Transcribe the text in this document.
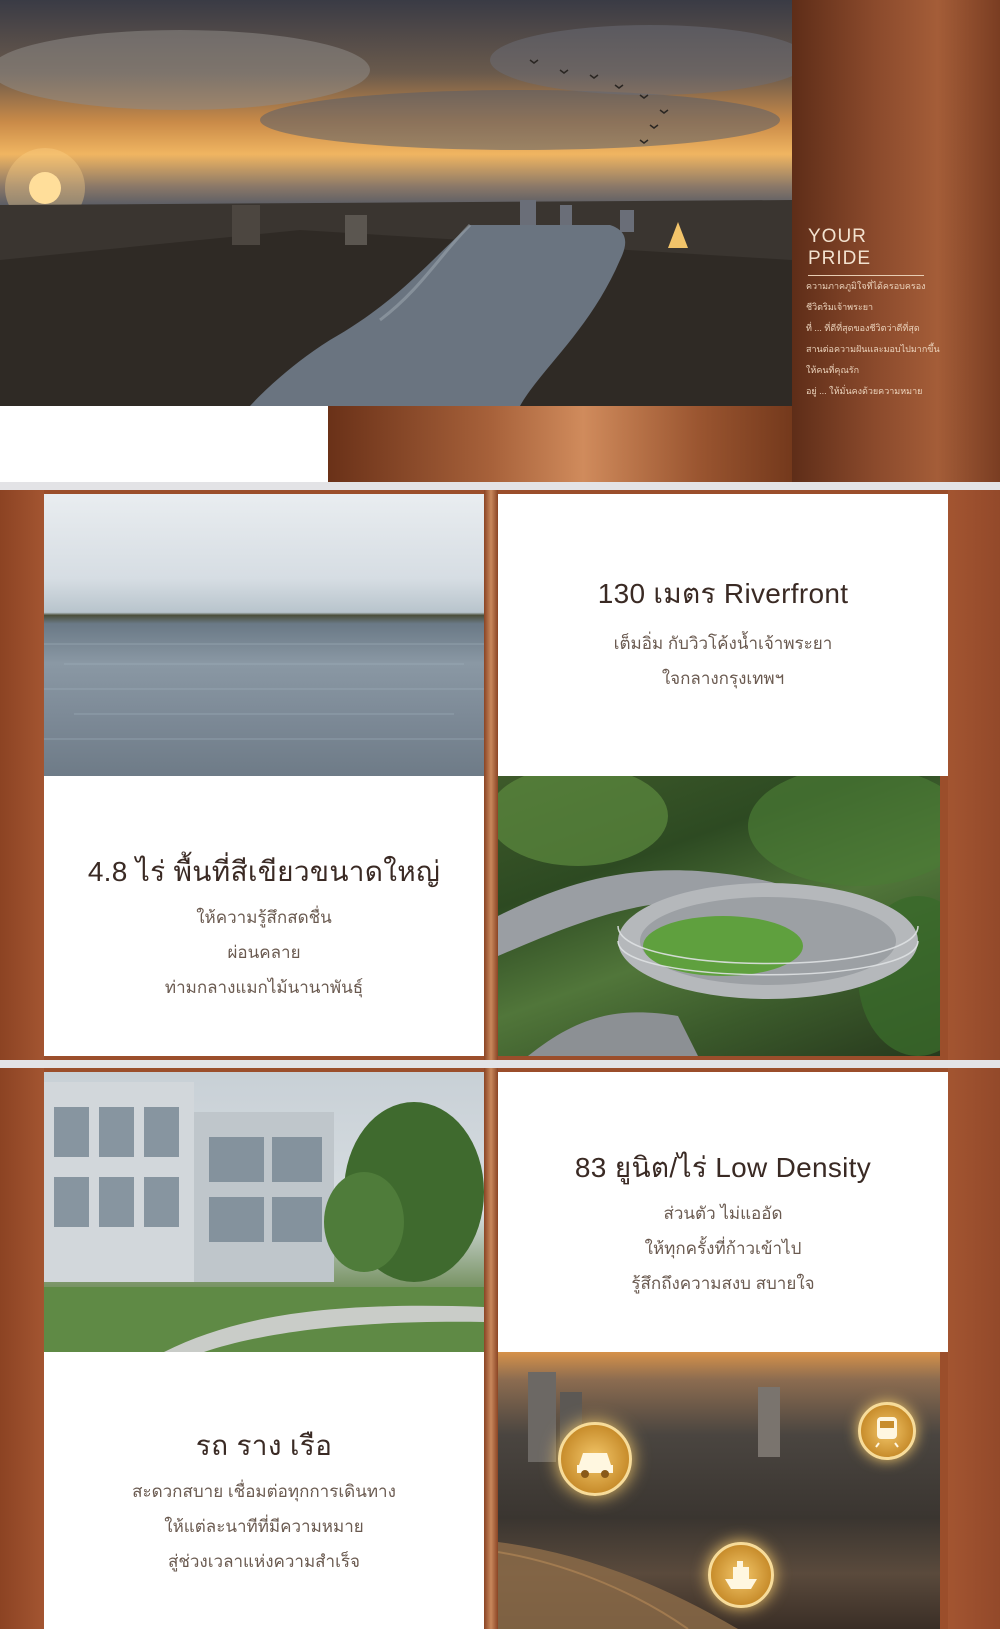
YOUR PRIDE
ความภาคภูมิใจที่ได้ครอบครอง
ชีวิตริมเจ้าพระยา
ที่ ... ที่ดีที่สุดของชีวิตว่าดีที่สุด
สานต่อความฝันและมอบไปมากขึ้น
ให้คนที่คุณรัก
อยู่ ... ให้มั่นคงด้วยความหมาย
130 เมตร Riverfront
เต็มอิ่ม กับวิวโค้งน้ำเจ้าพระยา
ใจกลางกรุงเทพฯ
4.8 ไร่ พื้นที่สีเขียวขนาดใหญ่
ให้ความรู้สึกสดชื่น
ผ่อนคลาย
ท่ามกลางแมกไม้นานาพันธุ์
83 ยูนิต/ไร่ Low Density
ส่วนตัว ไม่แออัด
ให้ทุกครั้งที่ก้าวเข้าไป
รู้สึกถึงความสงบ สบายใจ
รถ ราง เรือ
สะดวกสบาย เชื่อมต่อทุกการเดินทาง
ให้แต่ละนาทีที่มีความหมาย
สู่ช่วงเวลาแห่งความสำเร็จ
